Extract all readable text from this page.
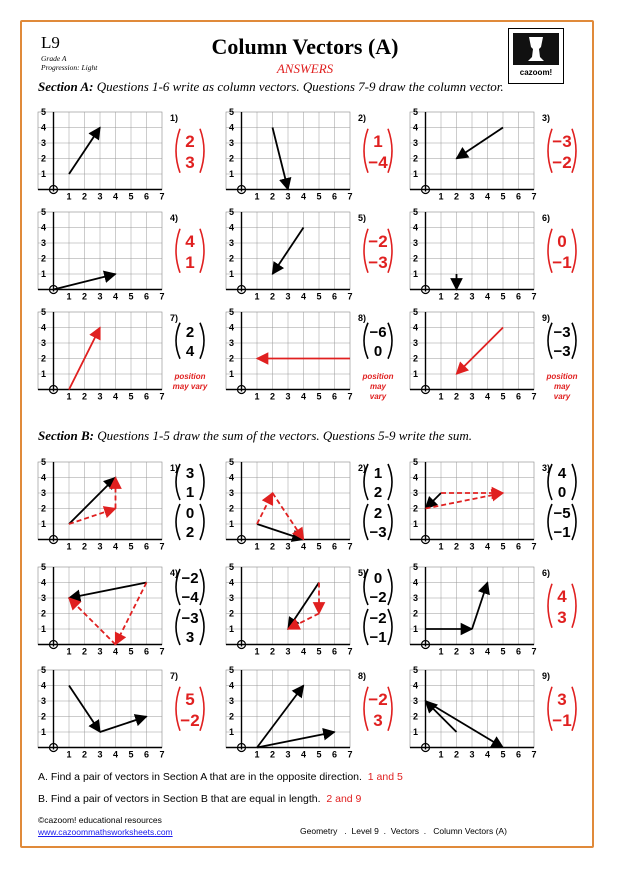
L9
Grade A
Progression: Light
Column Vectors (A)
ANSWERS	cazoom!
Section A: Questions 1-6 write as column vectors. Questions 7-9 draw the column vector.
Section B: Questions 1-5 draw the sum of the vectors. Questions 5-9 write the sum.
1 2 3 4 5 6 7
1
2
3
4
5
1)
2
3
1 2 3 4 5 6 7
1
2
3
4
5
2)
1
−4
1 2 3 4 5 6 7
1
2
3
4
5
3)
−3
−2
1 2 3 4 5 6 7
1
2
3
4
5
4)
4
1
1 2 3 4 5 6 7
1
2
3
4
5
5)
−2
−3
1 2 3 4 5 6 7
1
2
3
4
5
6)
0
−1
1 2 3 4 5 6 7
1
2
3
4
5
7)
2
4
position
may vary
1 2 3 4 5 6 7
1
2
3
4
5
8)
−6
0
position
may
vary	1 2 3 4 5 6 7
1
2
3
4
5
9)
−3
−3
position
may
vary
1 2 3 4 5 6 7
1
2
3
4
5
1) 3
1
0
2
1 2 3 4 5 6 7
1
2
3
4
5
2) 1
2
2
−3
1 2 3 4 5 6 7
1
2
3
4
5
3) 4
0
−5
−1
1 2 3 4 5 6 7
1
2
3
4
5
4) −2
−4
−3
3
1 2 3 4 5 6 7
1
2
3
4
5
5) 0
−2
−2
−1
1 2 3 4 5 6 7
1
2
3
4
5
6)
4
3
1 2 3 4 5 6 7
1
2
3
4
5
7)
5
−2
1 2 3 4 5 6 7
1
2
3
4
5
8)
−2
3
1 2 3 4 5 6 7
1
2
3
4
5
9)
3
−1
A. Find a pair of vectors in Section A that are in the opposite direction. 1 and 5
B. Find a pair of vectors in Section B that are equal in length. 2 and 9
©cazoom! educational resources
www.cazoommathsworksheets.com	Geometry   .  Level 9  .  Vectors  .   Column Vectors (A)
